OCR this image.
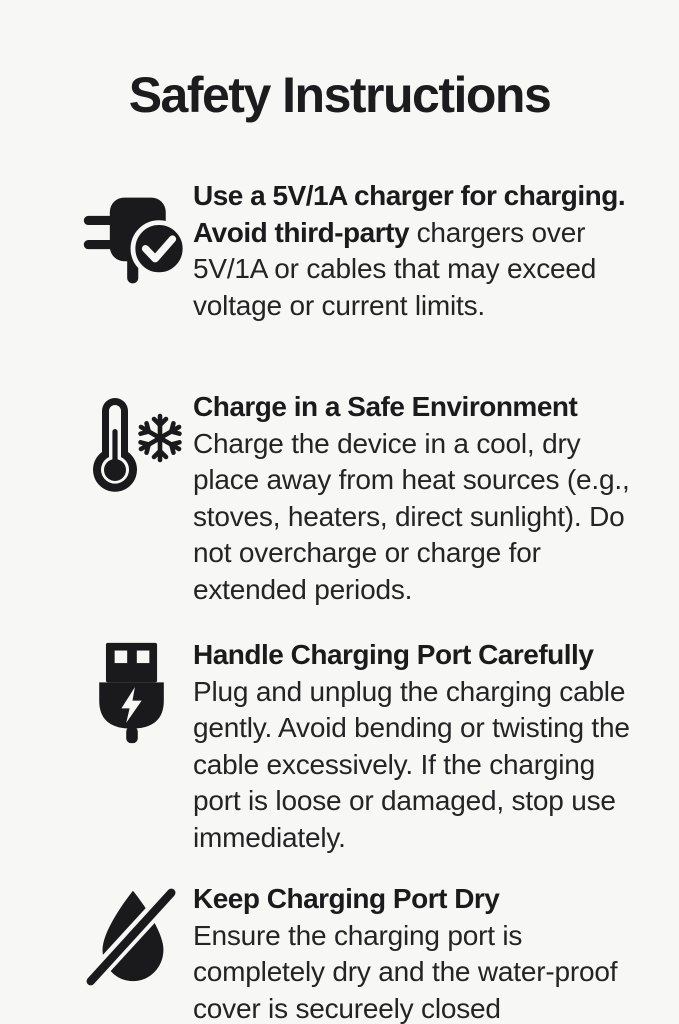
Safety Instructions

Use a 5V/1A charger for charging. Avoid third-party chargers over 5V/1A or cables that may exceed voltage or current limits.

Charge in a Safe Environment

Charge the device in a cool, dry place away from heat sources (e.g., stoves, heaters, direct sunlight). Do not overcharge or charge for extended periods.

Handle Charging Port Carefully

Plug and unplug the charging cable gently. Avoid bending or twisting the cable excessively. If the charging port is loose or damaged, stop use immediately.

Keep Charging Port Dry

Ensure the charging port is completely dry and the water-proof cover is secureely closed
